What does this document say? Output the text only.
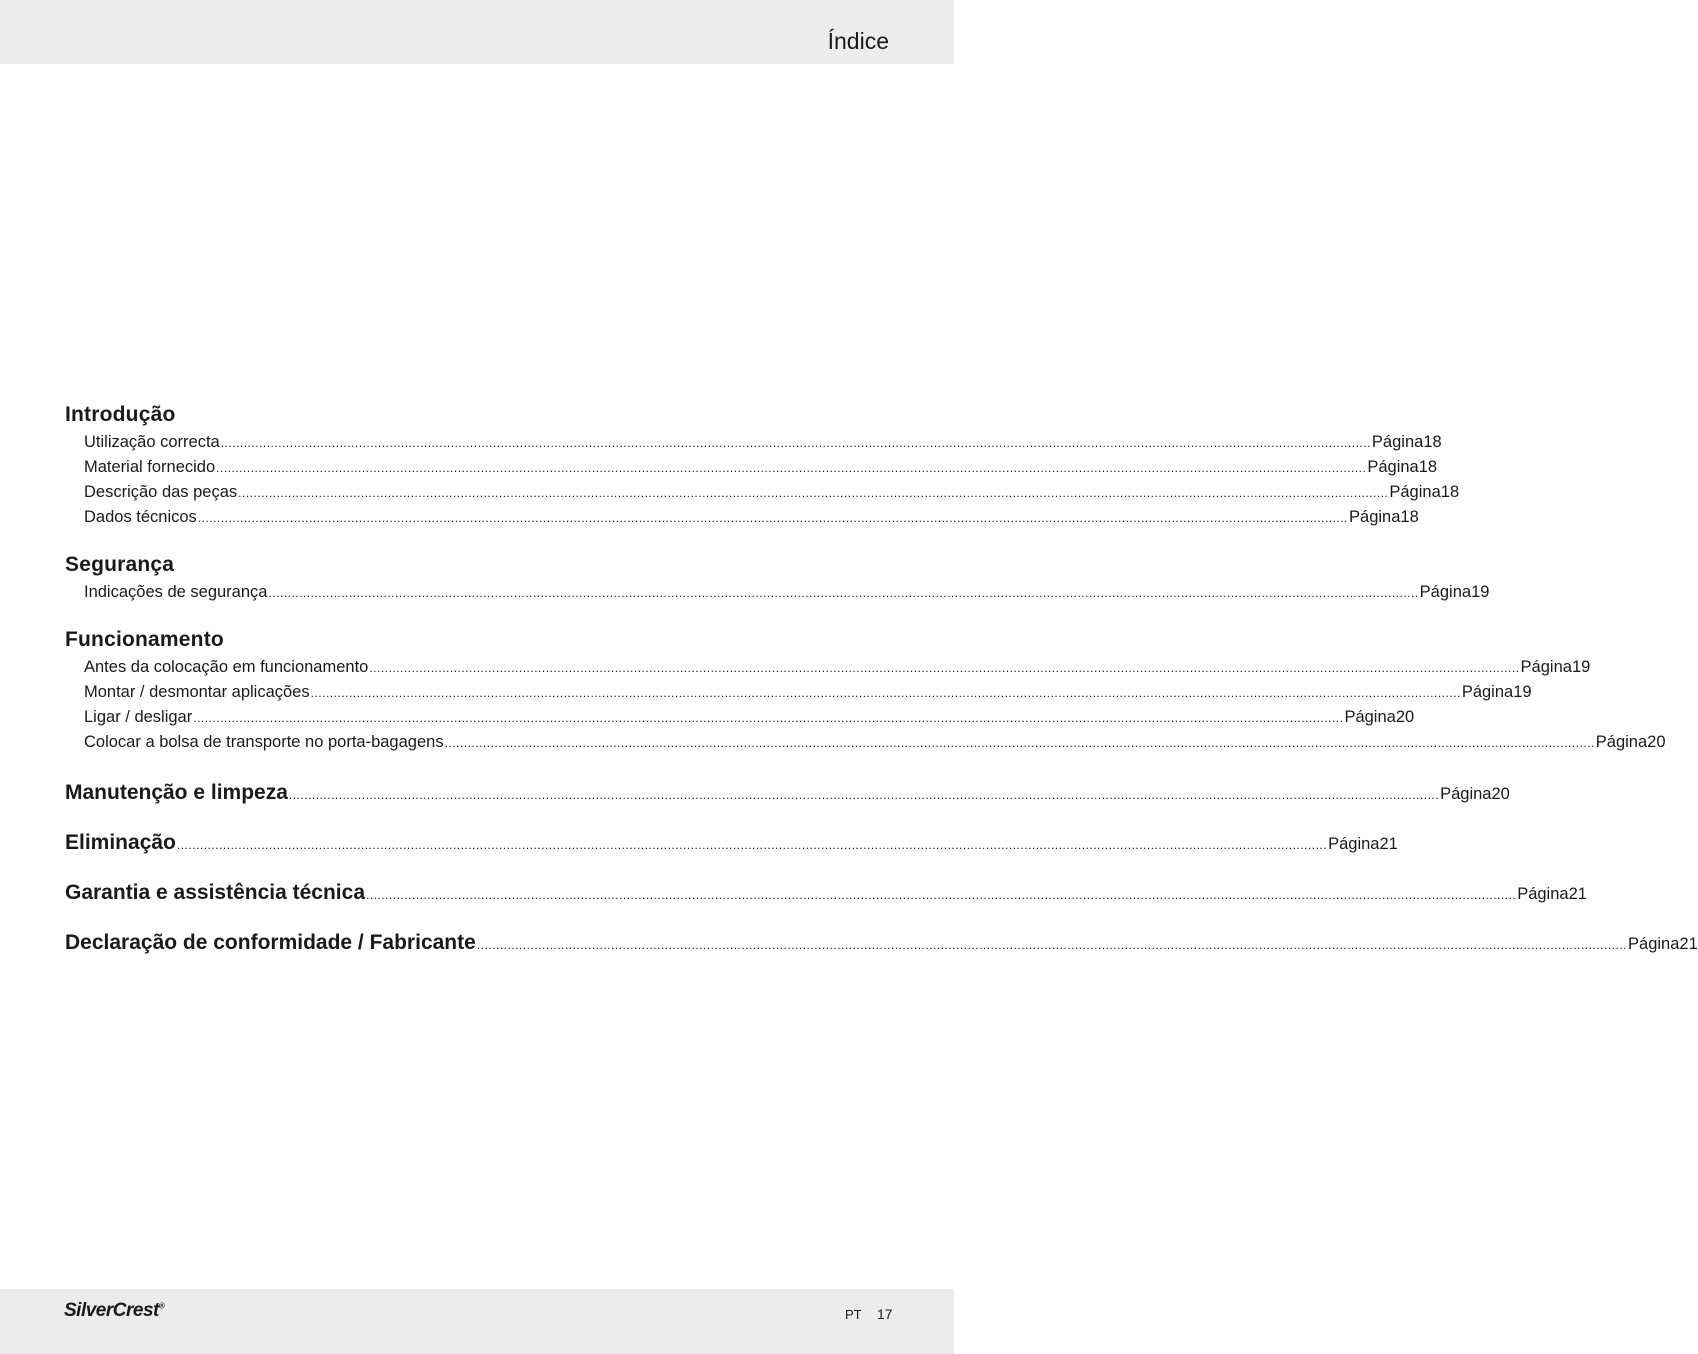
Índice
Introdução
Utilização correcta ............................................................................................................................................................................................................................................................................................................ Página 18
Material fornecido ............................................................................................................................................................................................................................................................................................................ Página 18
Descrição das peças ............................................................................................................................................................................................................................................................................................................ Página 18
Dados técnicos ............................................................................................................................................................................................................................................................................................................ Página 18
Segurança
Indicações de segurança ............................................................................................................................................................................................................................................................................................................ Página 19
Funcionamento
Antes da colocação em funcionamento ............................................................................................................................................................................................................................................................................................................ Página 19
Montar / desmontar aplicações ............................................................................................................................................................................................................................................................................................................ Página 19
Ligar / desligar ............................................................................................................................................................................................................................................................................................................ Página 20
Colocar a bolsa de transporte no porta-bagagens ............................................................................................................................................................................................................................................................................................................ Página 20
Manutenção e limpeza ............................................................................................................................................................................................................................................................................................................ Página 20
Eliminação ............................................................................................................................................................................................................................................................................................................ Página 21
Garantia e assistência técnica ............................................................................................................................................................................................................................................................................................................ Página 21
Declaração de conformidade / Fabricante ............................................................................................................................................................................................................................................................................................................ Página 21
SilverCrest®
PT 17
